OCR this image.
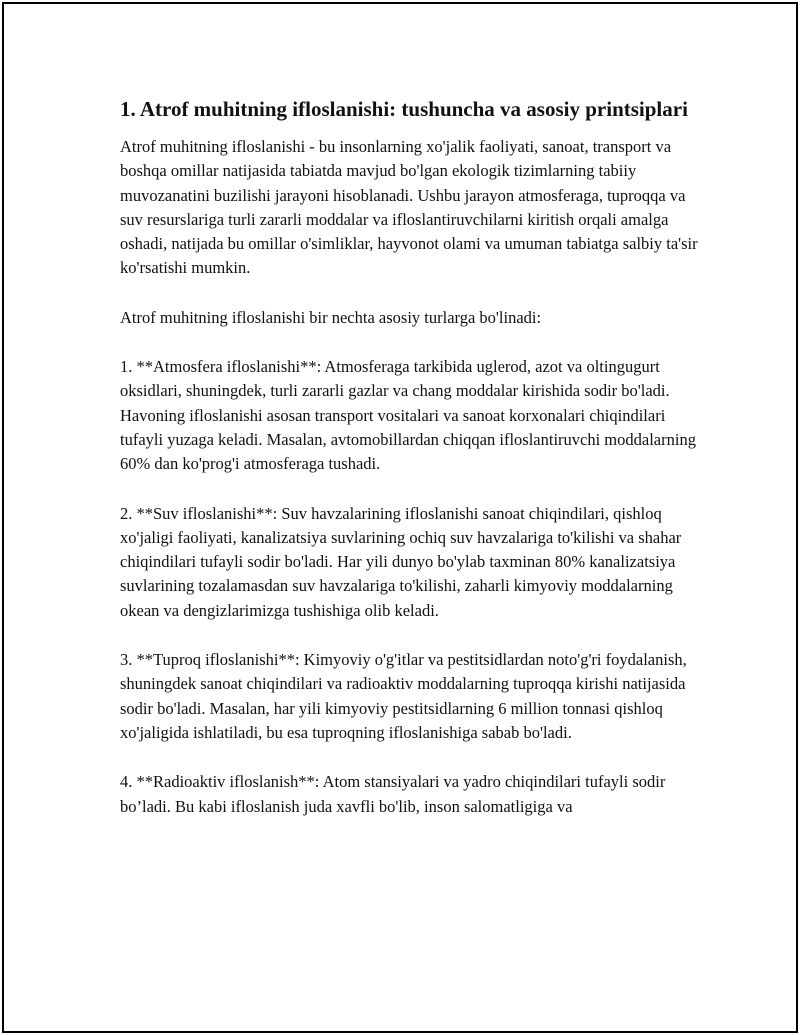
1. Atrof muhitning ifloslanishi: tushuncha va asosiy printsiplari

Atrof muhitning ifloslanishi - bu insonlarning xo'jalik faoliyati, sanoat, transport va boshqa omillar natijasida tabiatda mavjud bo'lgan ekologik tizimlarning tabiiy muvozanatini buzilishi jarayoni hisoblanadi. Ushbu jarayon atmosferaga, tuproqqa va suv resurslariga turli zararli moddalar va ifloslantiruvchilarni kiritish orqali amalga oshadi, natijada bu omillar o'simliklar, hayvonot olami va umuman tabiatga salbiy ta'sir ko'rsatishi mumkin.

Atrof muhitning ifloslanishi bir nechta asosiy turlarga bo'linadi:

1. **Atmosfera ifloslanishi**: Atmosferaga tarkibida uglerod, azot va oltingugurt oksidlari, shuningdek, turli zararli gazlar va chang moddalar kirishida sodir bo'ladi. Havoning ifloslanishi asosan transport vositalari va sanoat korxonalari chiqindilari tufayli yuzaga keladi. Masalan, avtomobillardan chiqqan ifloslantiruvchi moddalarning 60% dan ko'prog'i atmosferaga tushadi.

2. **Suv ifloslanishi**: Suv havzalarining ifloslanishi sanoat chiqindilari, qishloq xo'jaligi faoliyati, kanalizatsiya suvlarining ochiq suv havzalariga to'kilishi va shahar chiqindilari tufayli sodir bo'ladi. Har yili dunyo bo'ylab taxminan 80% kanalizatsiya suvlarining tozalamasdan suv havzalariga to'kilishi, zaharli kimyoviy moddalarning okean va dengizlarimizga tushishiga olib keladi.

3. **Tuproq ifloslanishi**: Kimyoviy o'g'itlar va pestitsidlardan noto'g'ri foydalanish, shuningdek sanoat chiqindilari va radioaktiv moddalarning tuproqqa kirishi natijasida sodir bo'ladi. Masalan, har yili kimyoviy pestitsidlarning 6 million tonnasi qishloq xo'jaligida ishlatiladi, bu esa tuproqning ifloslanishiga sabab bo'ladi.

4. **Radioaktiv ifloslanish**: Atom stansiyalari va yadro chiqindilari tufayli sodir bo’ladi. Bu kabi ifloslanish juda xavfli bo'lib, inson salomatligiga va
